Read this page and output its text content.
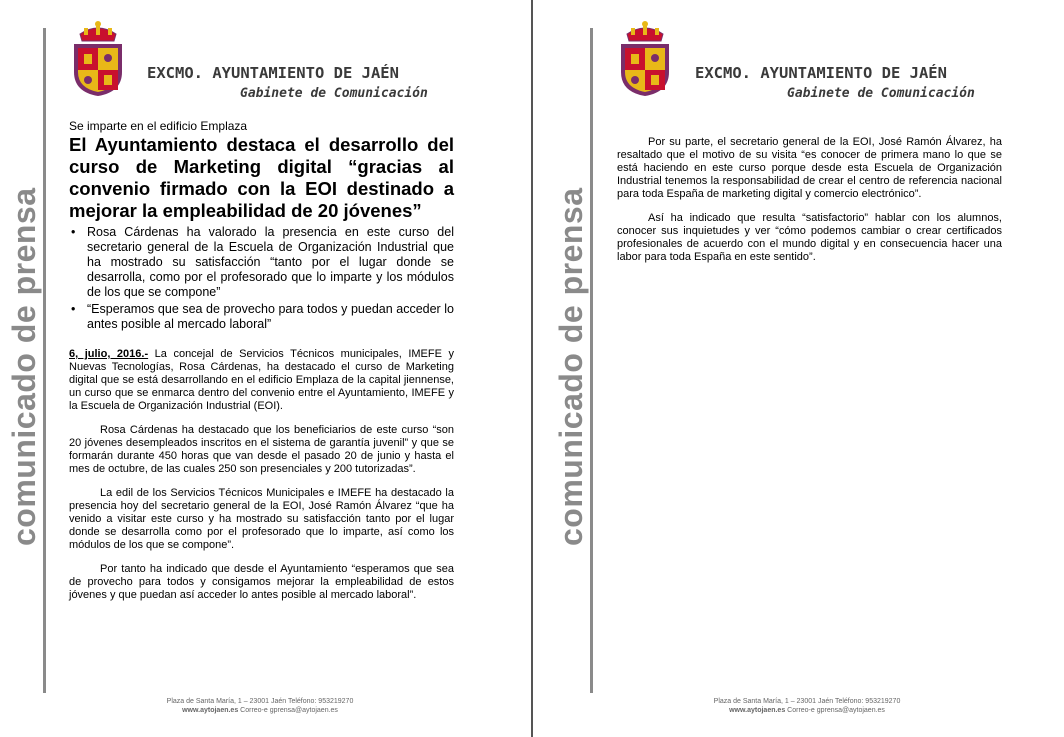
comunicado de prensa
EXCMO. AYUNTAMIENTO DE JAÉN
Gabinete de Comunicación
Se imparte en el edificio Emplaza
El Ayuntamiento destaca el desarrollo del curso de Marketing digital “gracias al convenio firmado con la EOI destinado a mejorar la empleabilidad de 20 jóvenes”
• Rosa Cárdenas ha valorado la presencia en este curso del secretario general de la Escuela de Organización Industrial que ha mostrado su satisfacción “tanto por el lugar donde se desarrolla, como por el profesorado que lo imparte y los módulos de los que se compone”
• “Esperamos que sea de provecho para todos y puedan acceder lo antes posible al mercado laboral”

6, julio, 2016.- La concejal de Servicios Técnicos municipales, IMEFE y Nuevas Tecnologías, Rosa Cárdenas, ha destacado el curso de Marketing digital que se está desarrollando en el edificio Emplaza de la capital jiennense, un curso que se enmarca dentro del convenio entre el Ayuntamiento, IMEFE y la Escuela de Organización Industrial (EOI).

Rosa Cárdenas ha destacado que los beneficiarios de este curso “son 20 jóvenes desempleados inscritos en el sistema de garantía juvenil” y que se formarán durante 450 horas que van desde el pasado 20 de junio y hasta el mes de octubre, de las cuales 250 son presenciales y 200 tutorizadas”.

La edil de los Servicios Técnicos Municipales e IMEFE ha destacado la presencia hoy del secretario general de la EOI, José Ramón Álvarez “que ha venido a visitar este curso y ha mostrado su satisfacción tanto por el lugar donde se desarrolla como por el profesorado que lo imparte, así como los módulos de los que se compone”.

Por tanto ha indicado que desde el Ayuntamiento “esperamos que sea de provecho para todos y consigamos mejorar la empleabilidad de estos jóvenes y que puedan así acceder lo antes posible al mercado laboral”.

Plaza de Santa María, 1 – 23001 Jaén Teléfono: 953219270
www.aytojaen.es Correo-e gprensa@aytojaen.es
comunicado de prensa
EXCMO. AYUNTAMIENTO DE JAÉN
Gabinete de Comunicación

Por su parte, el secretario general de la EOI, José Ramón Álvarez, ha resaltado que el motivo de su visita “es conocer de primera mano lo que se está haciendo en este curso porque desde esta Escuela de Organización Industrial tenemos la responsabilidad de crear el centro de referencia nacional para toda España de marketing digital y comercio electrónico”.

Así ha indicado que resulta “satisfactorio” hablar con los alumnos, conocer sus inquietudes y ver “cómo podemos cambiar o crear certificados profesionales de acuerdo con el mundo digital y en consecuencia hacer una labor para toda España en este sentido”.

Plaza de Santa María, 1 – 23001 Jaén Teléfono: 953219270
www.aytojaen.es Correo-e gprensa@aytojaen.es
